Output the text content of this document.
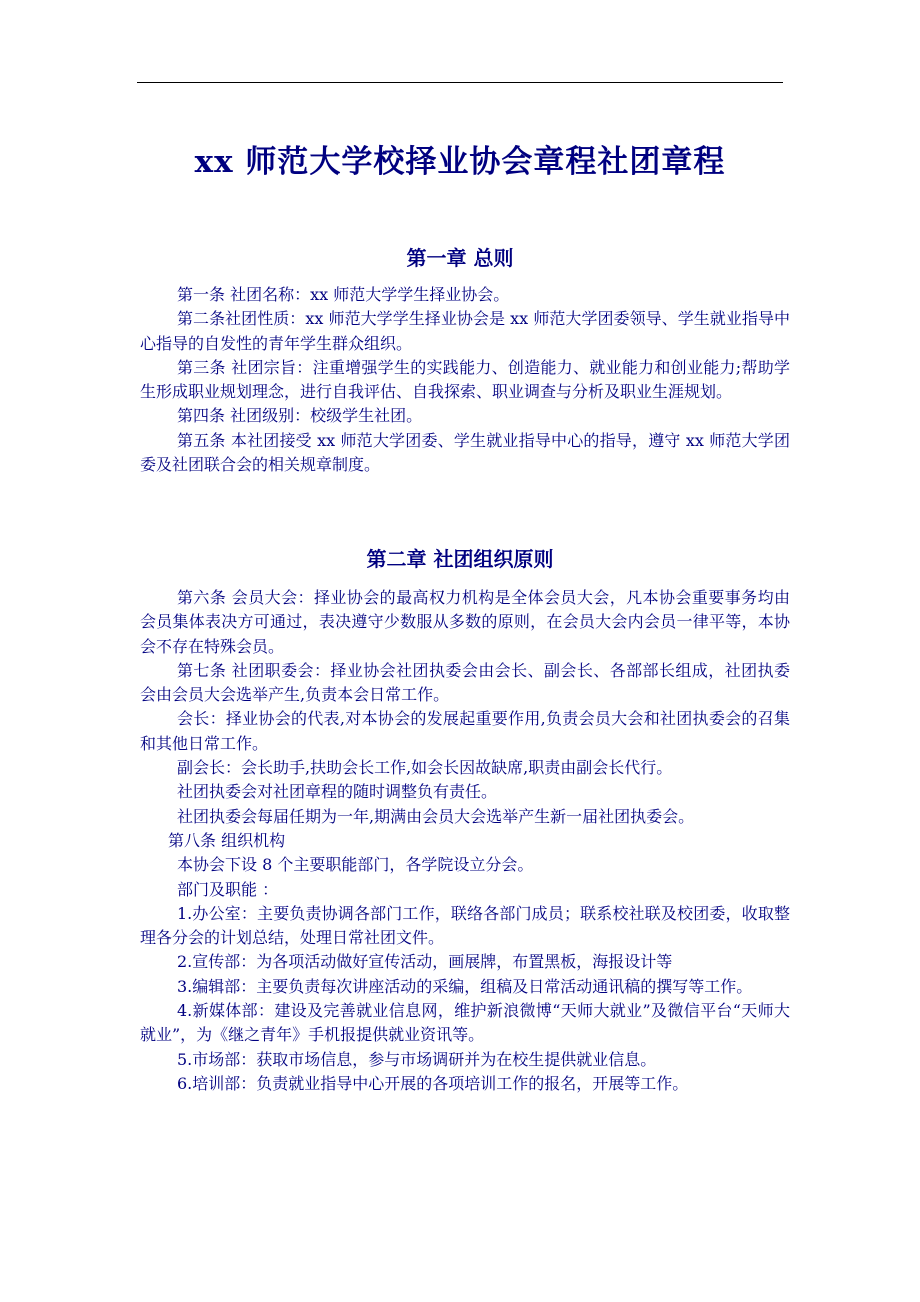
xx 师范大学校择业协会章程社团章程
第一章 总则

第一条 社团名称：xx 师范大学学生择业协会。

第二条社团性质：xx 师范大学学生择业协会是 xx 师范大学团委领导、学生就业指导中心指导的自发性的青年学生群众组织。

第三条 社团宗旨：注重增强学生的实践能力、创造能力、就业能力和创业能力;帮助学生形成职业规划理念，进行自我评估、自我探索、职业调查与分析及职业生涯规划。

第四条 社团级别：校级学生社团。

第五条 本社团接受 xx 师范大学团委、学生就业指导中心的指导，遵守 xx 师范大学团委及社团联合会的相关规章制度。

第二章 社团组织原则

第六条 会员大会：择业协会的最高权力机构是全体会员大会，凡本协会重要事务均由会员集体表决方可通过，表决遵守少数服从多数的原则，在会员大会内会员一律平等，本协会不存在特殊会员。

第七条 社团职委会：择业协会社团执委会由会长、副会长、各部部长组成，社团执委会由会员大会选举产生,负责本会日常工作。

会长：择业协会的代表,对本协会的发展起重要作用,负责会员大会和社团执委会的召集和其他日常工作。

副会长：会长助手,扶助会长工作,如会长因故缺席,职责由副会长代行。

社团执委会对社团章程的随时调整负有责任。

社团执委会每届任期为一年,期满由会员大会选举产生新一届社团执委会。

第八条 组织机构

本协会下设 8 个主要职能部门，各学院设立分会。

部门及职能 ：

1.办公室：主要负责协调各部门工作，联络各部门成员；联系校社联及校团委，收取整理各分会的计划总结，处理日常社团文件。

2.宣传部：为各项活动做好宣传活动，画展牌，布置黑板，海报设计等

3.编辑部：主要负责每次讲座活动的采编，组稿及日常活动通讯稿的撰写等工作。

4.新媒体部：建设及完善就业信息网，维护新浪微博“天师大就业”及微信平台“天师大就业”，为《继之青年》手机报提供就业资讯等。

5.市场部：获取市场信息，参与市场调研并为在校生提供就业信息。

6.培训部：负责就业指导中心开展的各项培训工作的报名，开展等工作。
